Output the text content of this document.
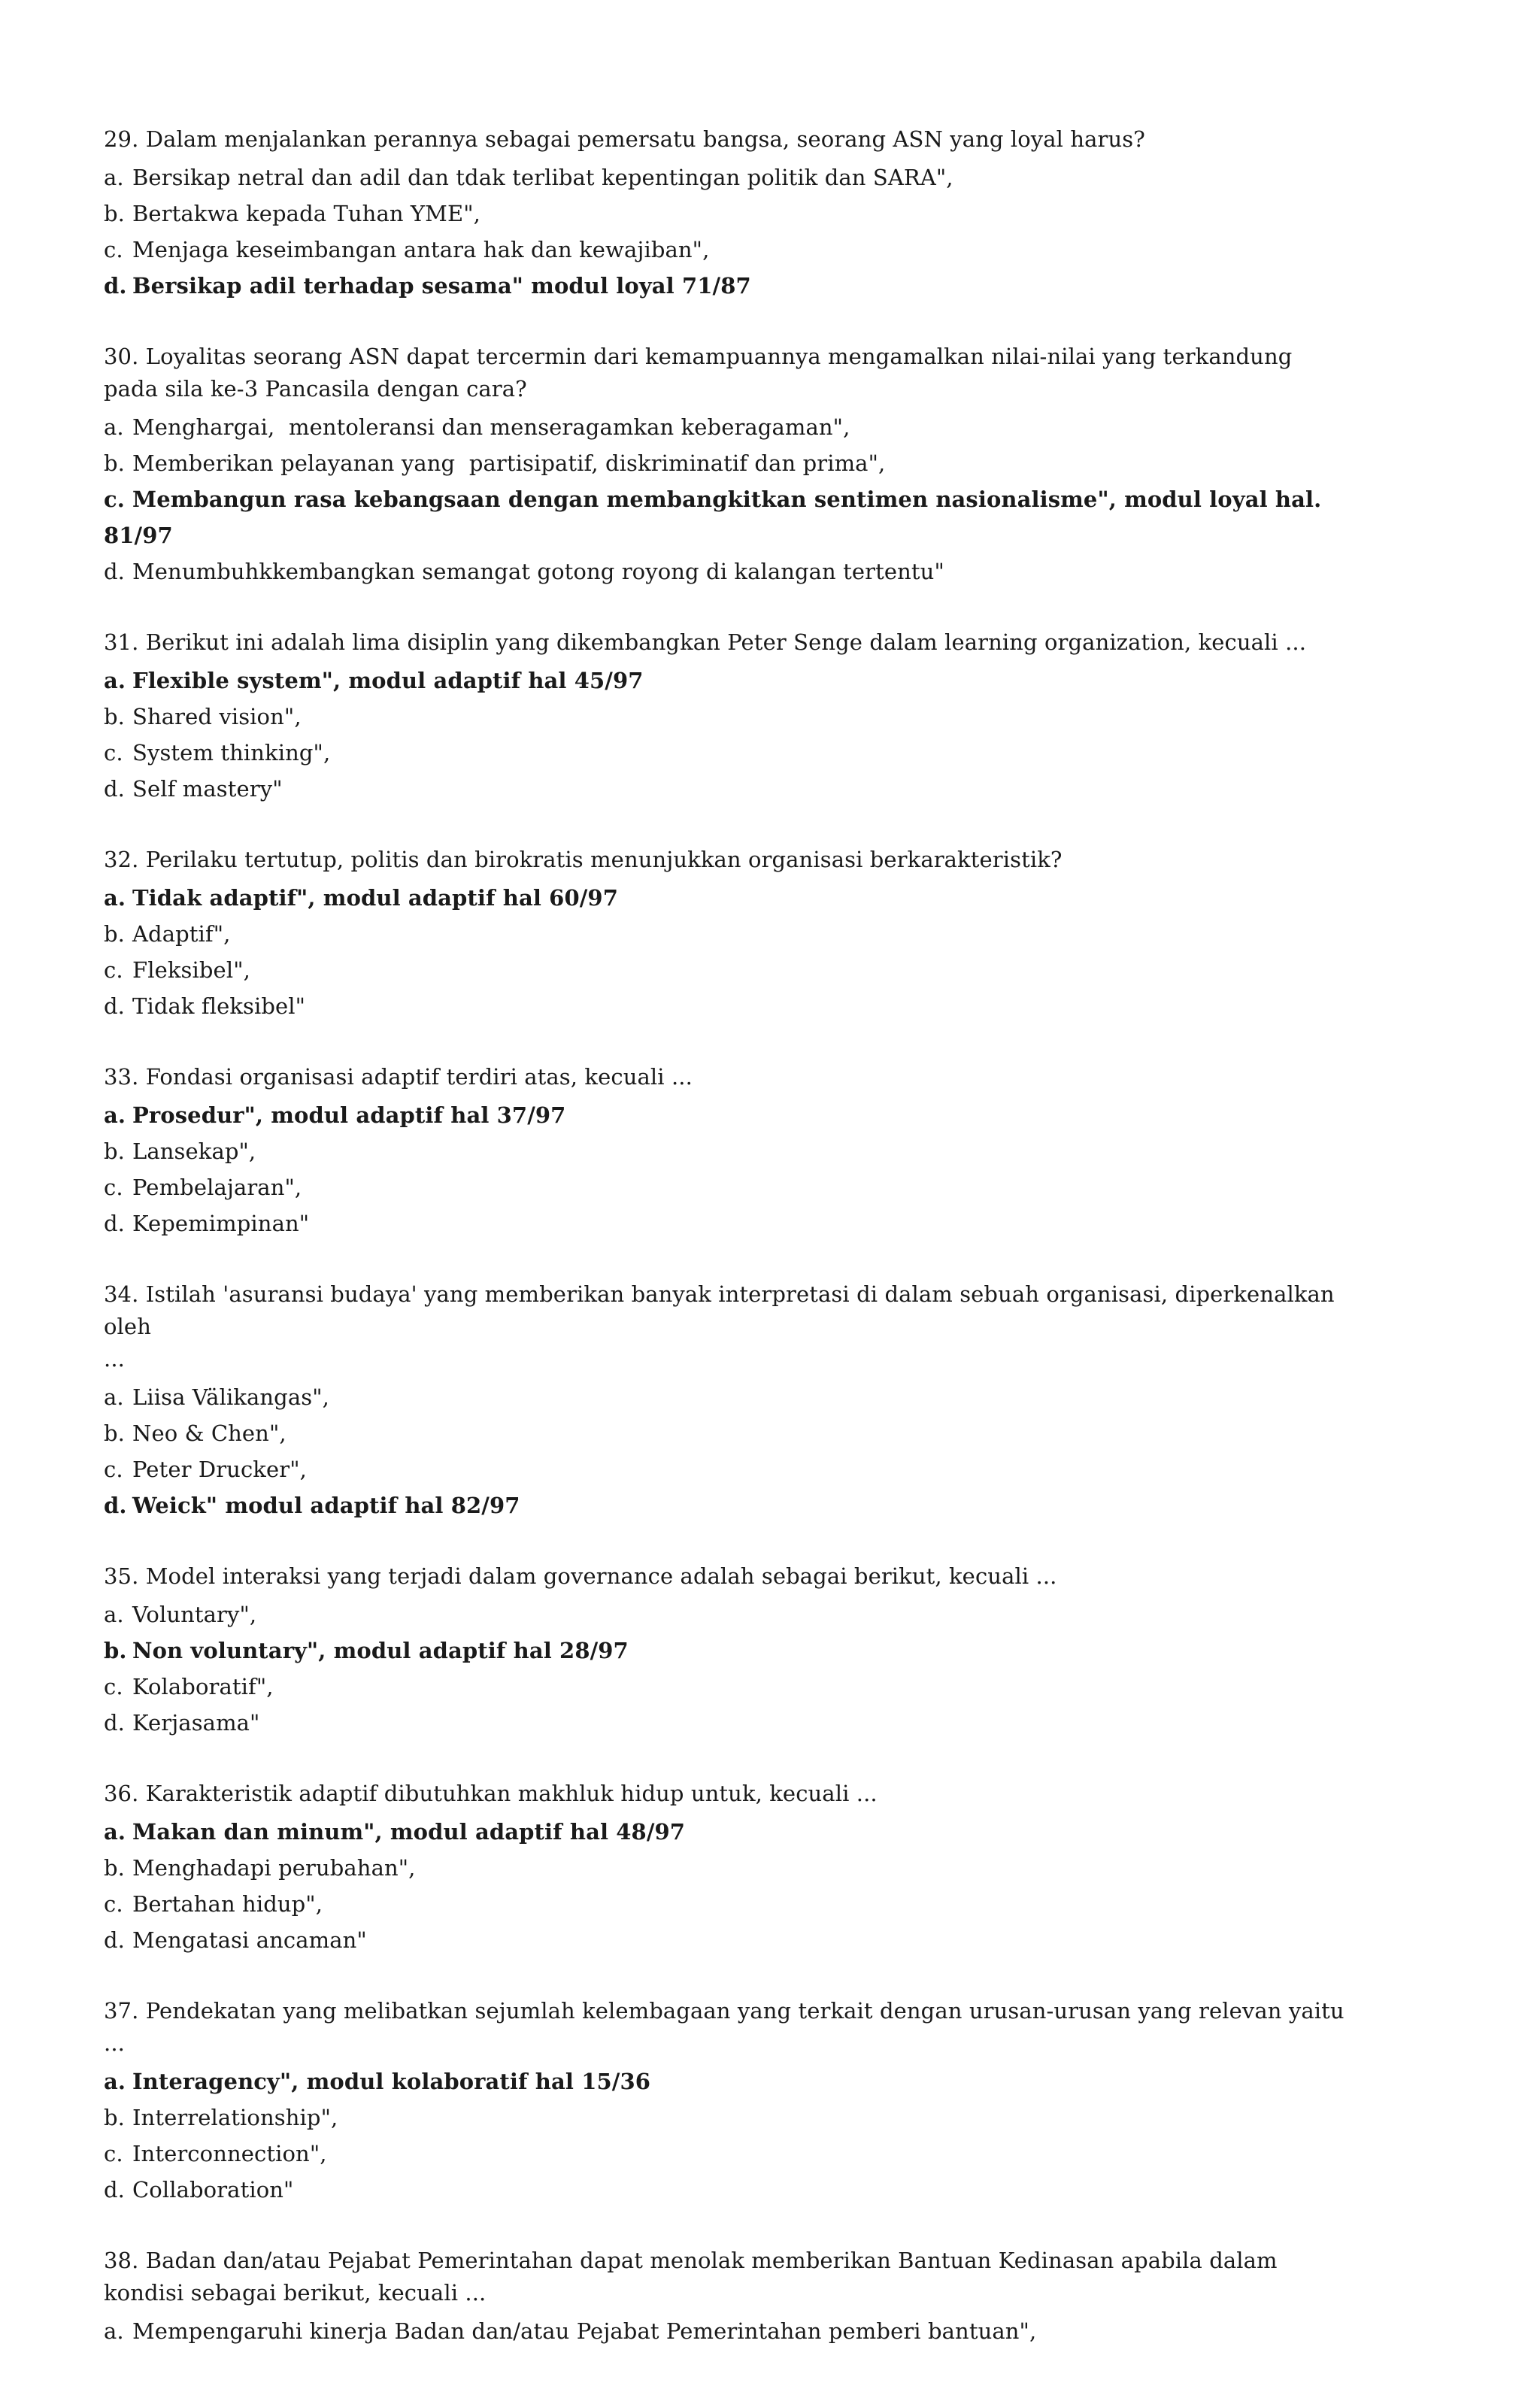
29. Dalam menjalankan perannya sebagai pemersatu bangsa, seorang ASN yang loyal harus?
a. Bersikap netral dan adil dan tdak terlibat kepentingan politik dan SARA",
b. Bertakwa kepada Tuhan YME",
c. Menjaga keseimbangan antara hak dan kewajiban",
d. Bersikap adil terhadap sesama" modul loyal 71/87
30. Loyalitas seorang ASN dapat tercermin dari kemampuannya mengamalkan nilai-nilai yang terkandung pada sila ke-3 Pancasila dengan cara?
a. Menghargai,  mentoleransi dan menseragamkan keberagaman",
b. Memberikan pelayanan yang  partisipatif, diskriminatif dan prima",
c. Membangun rasa kebangsaan dengan membangkitkan sentimen nasionalisme", modul loyal hal. 81/97
d. Menumbuhkkembangkan semangat gotong royong di kalangan tertentu"
31. Berikut ini adalah lima disiplin yang dikembangkan Peter Senge dalam learning organization, kecuali ...
a. Flexible system", modul adaptif hal 45/97
b. Shared vision",
c. System thinking",
d. Self mastery"
32. Perilaku tertutup, politis dan birokratis menunjukkan organisasi berkarakteristik?
a. Tidak adaptif", modul adaptif hal 60/97
b. Adaptif",
c. Fleksibel",
d. Tidak fleksibel"
33. Fondasi organisasi adaptif terdiri atas, kecuali ...
a. Prosedur", modul adaptif hal 37/97
b. Lansekap",
c. Pembelajaran",
d. Kepemimpinan"
34. Istilah 'asuransi budaya' yang memberikan banyak interpretasi di dalam sebuah organisasi, diperkenalkan oleh
...
a. Liisa Välikangas",
b. Neo & Chen",
c. Peter Drucker",
d. Weick" modul adaptif hal 82/97
35. Model interaksi yang terjadi dalam governance adalah sebagai berikut, kecuali ...
a. Voluntary",
b. Non voluntary", modul adaptif hal 28/97
c. Kolaboratif",
d. Kerjasama"
36. Karakteristik adaptif dibutuhkan makhluk hidup untuk, kecuali ...
a. Makan dan minum", modul adaptif hal 48/97
b. Menghadapi perubahan",
c. Bertahan hidup",
d. Mengatasi ancaman"
37. Pendekatan yang melibatkan sejumlah kelembagaan yang terkait dengan urusan-urusan yang relevan yaitu ...
a. Interagency", modul kolaboratif hal 15/36
b. Interrelationship",
c. Interconnection",
d. Collaboration"
38. Badan dan/atau Pejabat Pemerintahan dapat menolak memberikan Bantuan Kedinasan apabila dalam kondisi sebagai berikut, kecuali ...
a. Mempengaruhi kinerja Badan dan/atau Pejabat Pemerintahan pemberi bantuan",
